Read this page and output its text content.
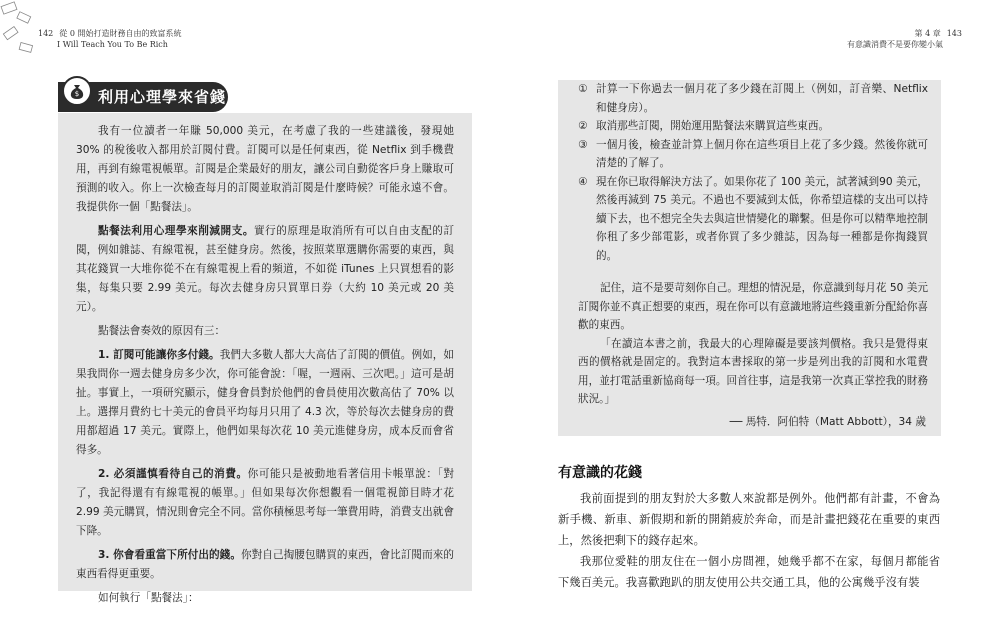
142 從 0 開始打造財務自由的致富系統
I Will Teach You To Be Rich
第 4 章 143
有意識消費不是要你變小氣
$ 利用心理學來省錢

我有一位讀者一年賺 50,000 美元，在考慮了我的一些建議後，發現她 30% 的稅後收入都用於訂閱付費。訂閱可以是任何東西，從 Netflix 到手機費用，再到有線電視帳單。訂閱是企業最好的朋友，讓公司自動從客戶身上賺取可預測的收入。你上一次檢查每月的訂閱並取消訂閱是什麼時候？可能永遠不會。我提供你一個「點餐法」。

點餐法利用心理學來削減開支。實行的原理是取消所有可以自由支配的訂閱，例如雜誌、有線電視，甚至健身房。然後，按照菜單選購你需要的東西，與其花錢買一大堆你從不在有線電視上看的頻道，不如從 iTunes 上只買想看的影集，每集只要 2.99 美元。每次去健身房只買單日券（大約 10 美元或 20 美元）。

點餐法會奏效的原因有三：

1. 訂閱可能讓你多付錢。我們大多數人都大大高估了訂閱的價值。例如，如果我問你一週去健身房多少次，你可能會說：「喔，一週兩、三次吧。」這可是胡扯。事實上，一項研究顯示，健身會員對於他們的會員使用次數高估了 70% 以上。選擇月費約七十美元的會員平均每月只用了 4.3 次，等於每次去健身房的費用都超過 17 美元。實際上，他們如果每次花 10 美元進健身房，成本反而會省得多。

2. 必須謹慎看待自己的消費。你可能只是被動地看著信用卡帳單說：「對了，我記得還有有線電視的帳單。」但如果每次你想觀看一個電視節目時才花 2.99 美元購買，情況則會完全不同。當你積極思考每一筆費用時，消費支出就會下降。

3. 你會看重當下所付出的錢。你對自己掏腰包購買的東西，會比訂閱而來的東西看得更重要。

如何執行「點餐法」：

① 計算一下你過去一個月花了多少錢在訂閱上（例如，訂音樂、Netflix 和健身房）。
② 取消那些訂閱，開始運用點餐法來購買這些東西。
③ 一個月後，檢查並計算上個月你在這些項目上花了多少錢。然後你就可清楚的了解了。
④ 現在你已取得解決方法了。如果你花了 100 美元，試著減到90 美元，然後再減到 75 美元。不過也不要減到太低，你希望這樣的支出可以持續下去，也不想完全失去與這世情變化的聯繫。但是你可以精準地控制你租了多少部電影，或者你買了多少雜誌，因為每一種都是你掏錢買的。

記住，這不是要苛刻你自己。理想的情況是，你意識到每月花 50 美元訂閱你並不真正想要的東西，現在你可以有意識地將這些錢重新分配給你喜歡的東西。

「在讀這本書之前，我最大的心理障礙是要該判價格。我只是覺得東西的價格就是固定的。我對這本書採取的第一步是列出我的訂閱和水電費用，並打電話重新協商每一項。回首往事，這是我第一次真正掌控我的財務狀況。」

── 馬特．阿伯特（Matt Abbott），34 歲
有意識的花錢

我前面提到的朋友對於大多數人來說都是例外。他們都有計畫，不會為新手機、新車、新假期和新的開銷疲於奔命，而是計畫把錢花在重要的東西上，然後把剩下的錢存起來。

我那位愛鞋的朋友住在一個小房間裡，她幾乎都不在家，每個月都能省下幾百美元。我喜歡跑趴的朋友使用公共交通工具，他的公寓幾乎沒有裝
